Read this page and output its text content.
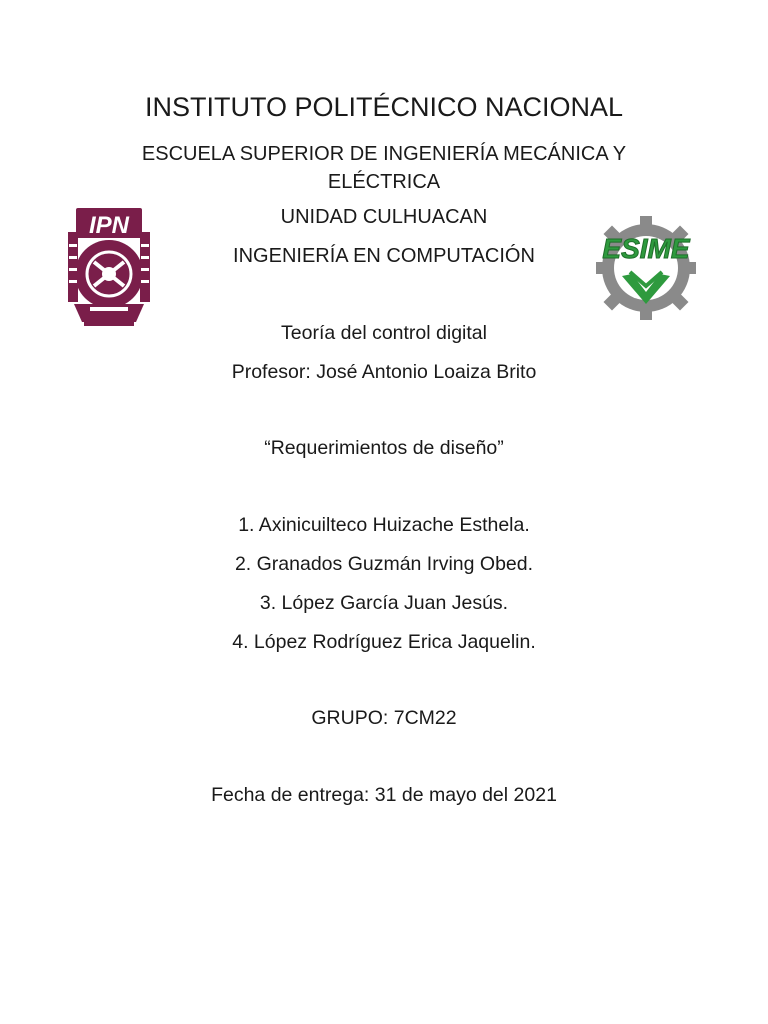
INSTITUTO POLITÉCNICO NACIONAL
ESCUELA SUPERIOR DE INGENIERÍA MECÁNICA Y ELÉCTRICA
UNIDAD CULHUACAN
INGENIERÍA EN COMPUTACIÓN
IPN
ESIME
Teoría del control digital
Profesor: José Antonio Loaiza Brito
“Requerimientos de diseño”
1. Axinicuilteco Huizache Esthela.
2. Granados Guzmán Irving Obed.
3. López García Juan Jesús.
4. López Rodríguez Erica Jaquelin.
GRUPO: 7CM22
Fecha de entrega: 31 de mayo del 2021
